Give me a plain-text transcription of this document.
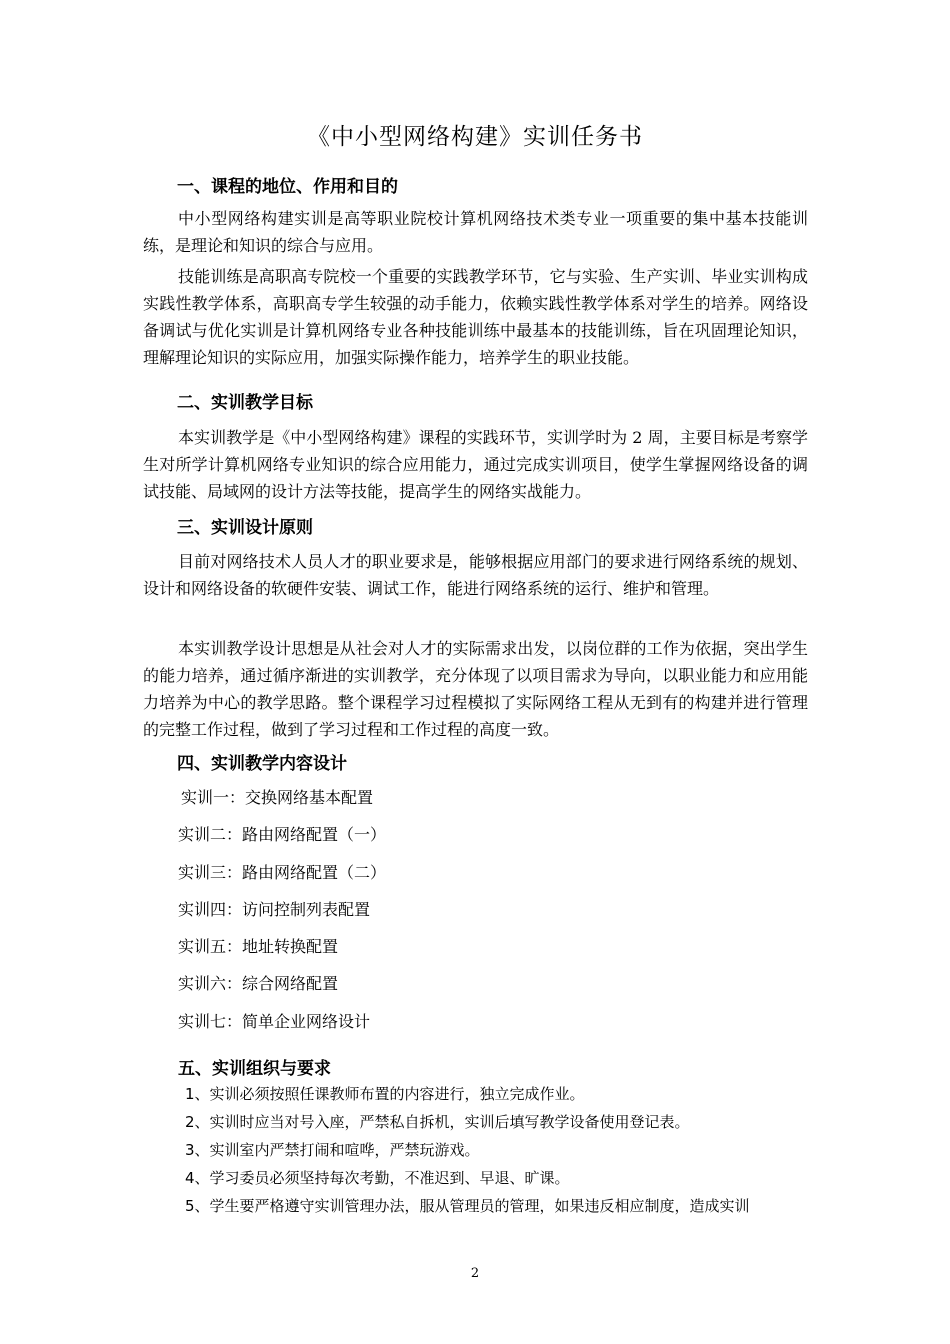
《中小型网络构建》实训任务书
一、课程的地位、作用和目的

中小型网络构建实训是高等职业院校计算机网络技术类专业一项重要的集中基本技能训练，是理论和知识的综合与应用。

技能训练是高职高专院校一个重要的实践教学环节，它与实验、生产实训、毕业实训构成实践性教学体系，高职高专学生较强的动手能力，依赖实践性教学体系对学生的培养。网络设备调试与优化实训是计算机网络专业各种技能训练中最基本的技能训练，旨在巩固理论知识，理解理论知识的实际应用，加强实际操作能力，培养学生的职业技能。

二、实训教学目标

本实训教学是《中小型网络构建》课程的实践环节，实训学时为 2 周，主要目标是考察学生对所学计算机网络专业知识的综合应用能力，通过完成实训项目，使学生掌握网络设备的调试技能、局域网的设计方法等技能，提高学生的网络实战能力。

三、实训设计原则

目前对网络技术人员人才的职业要求是，能够根据应用部门的要求进行网络系统的规划、设计和网络设备的软硬件安装、调试工作，能进行网络系统的运行、维护和管理。

本实训教学设计思想是从社会对人才的实际需求出发，以岗位群的工作为依据，突出学生的能力培养，通过循序渐进的实训教学，充分体现了以项目需求为导向，以职业能力和应用能力培养为中心的教学思路。整个课程学习过程模拟了实际网络工程从无到有的构建并进行管理的完整工作过程，做到了学习过程和工作过程的高度一致。

四、实训教学内容设计
实训一：交换网络基本配置
实训二：路由网络配置（一）
实训三：路由网络配置（二）
实训四：访问控制列表配置
实训五：地址转换配置
实训六：综合网络配置
实训七：简单企业网络设计
五、实训组织与要求
1、实训必须按照任课教师布置的内容进行，独立完成作业。
2、实训时应当对号入座，严禁私自拆机，实训后填写教学设备使用登记表。
3、实训室内严禁打闹和喧哗，严禁玩游戏。
4、学习委员必须坚持每次考勤，不准迟到、早退、旷课。
5、学生要严格遵守实训管理办法，服从管理员的管理，如果违反相应制度，造成实训
2
